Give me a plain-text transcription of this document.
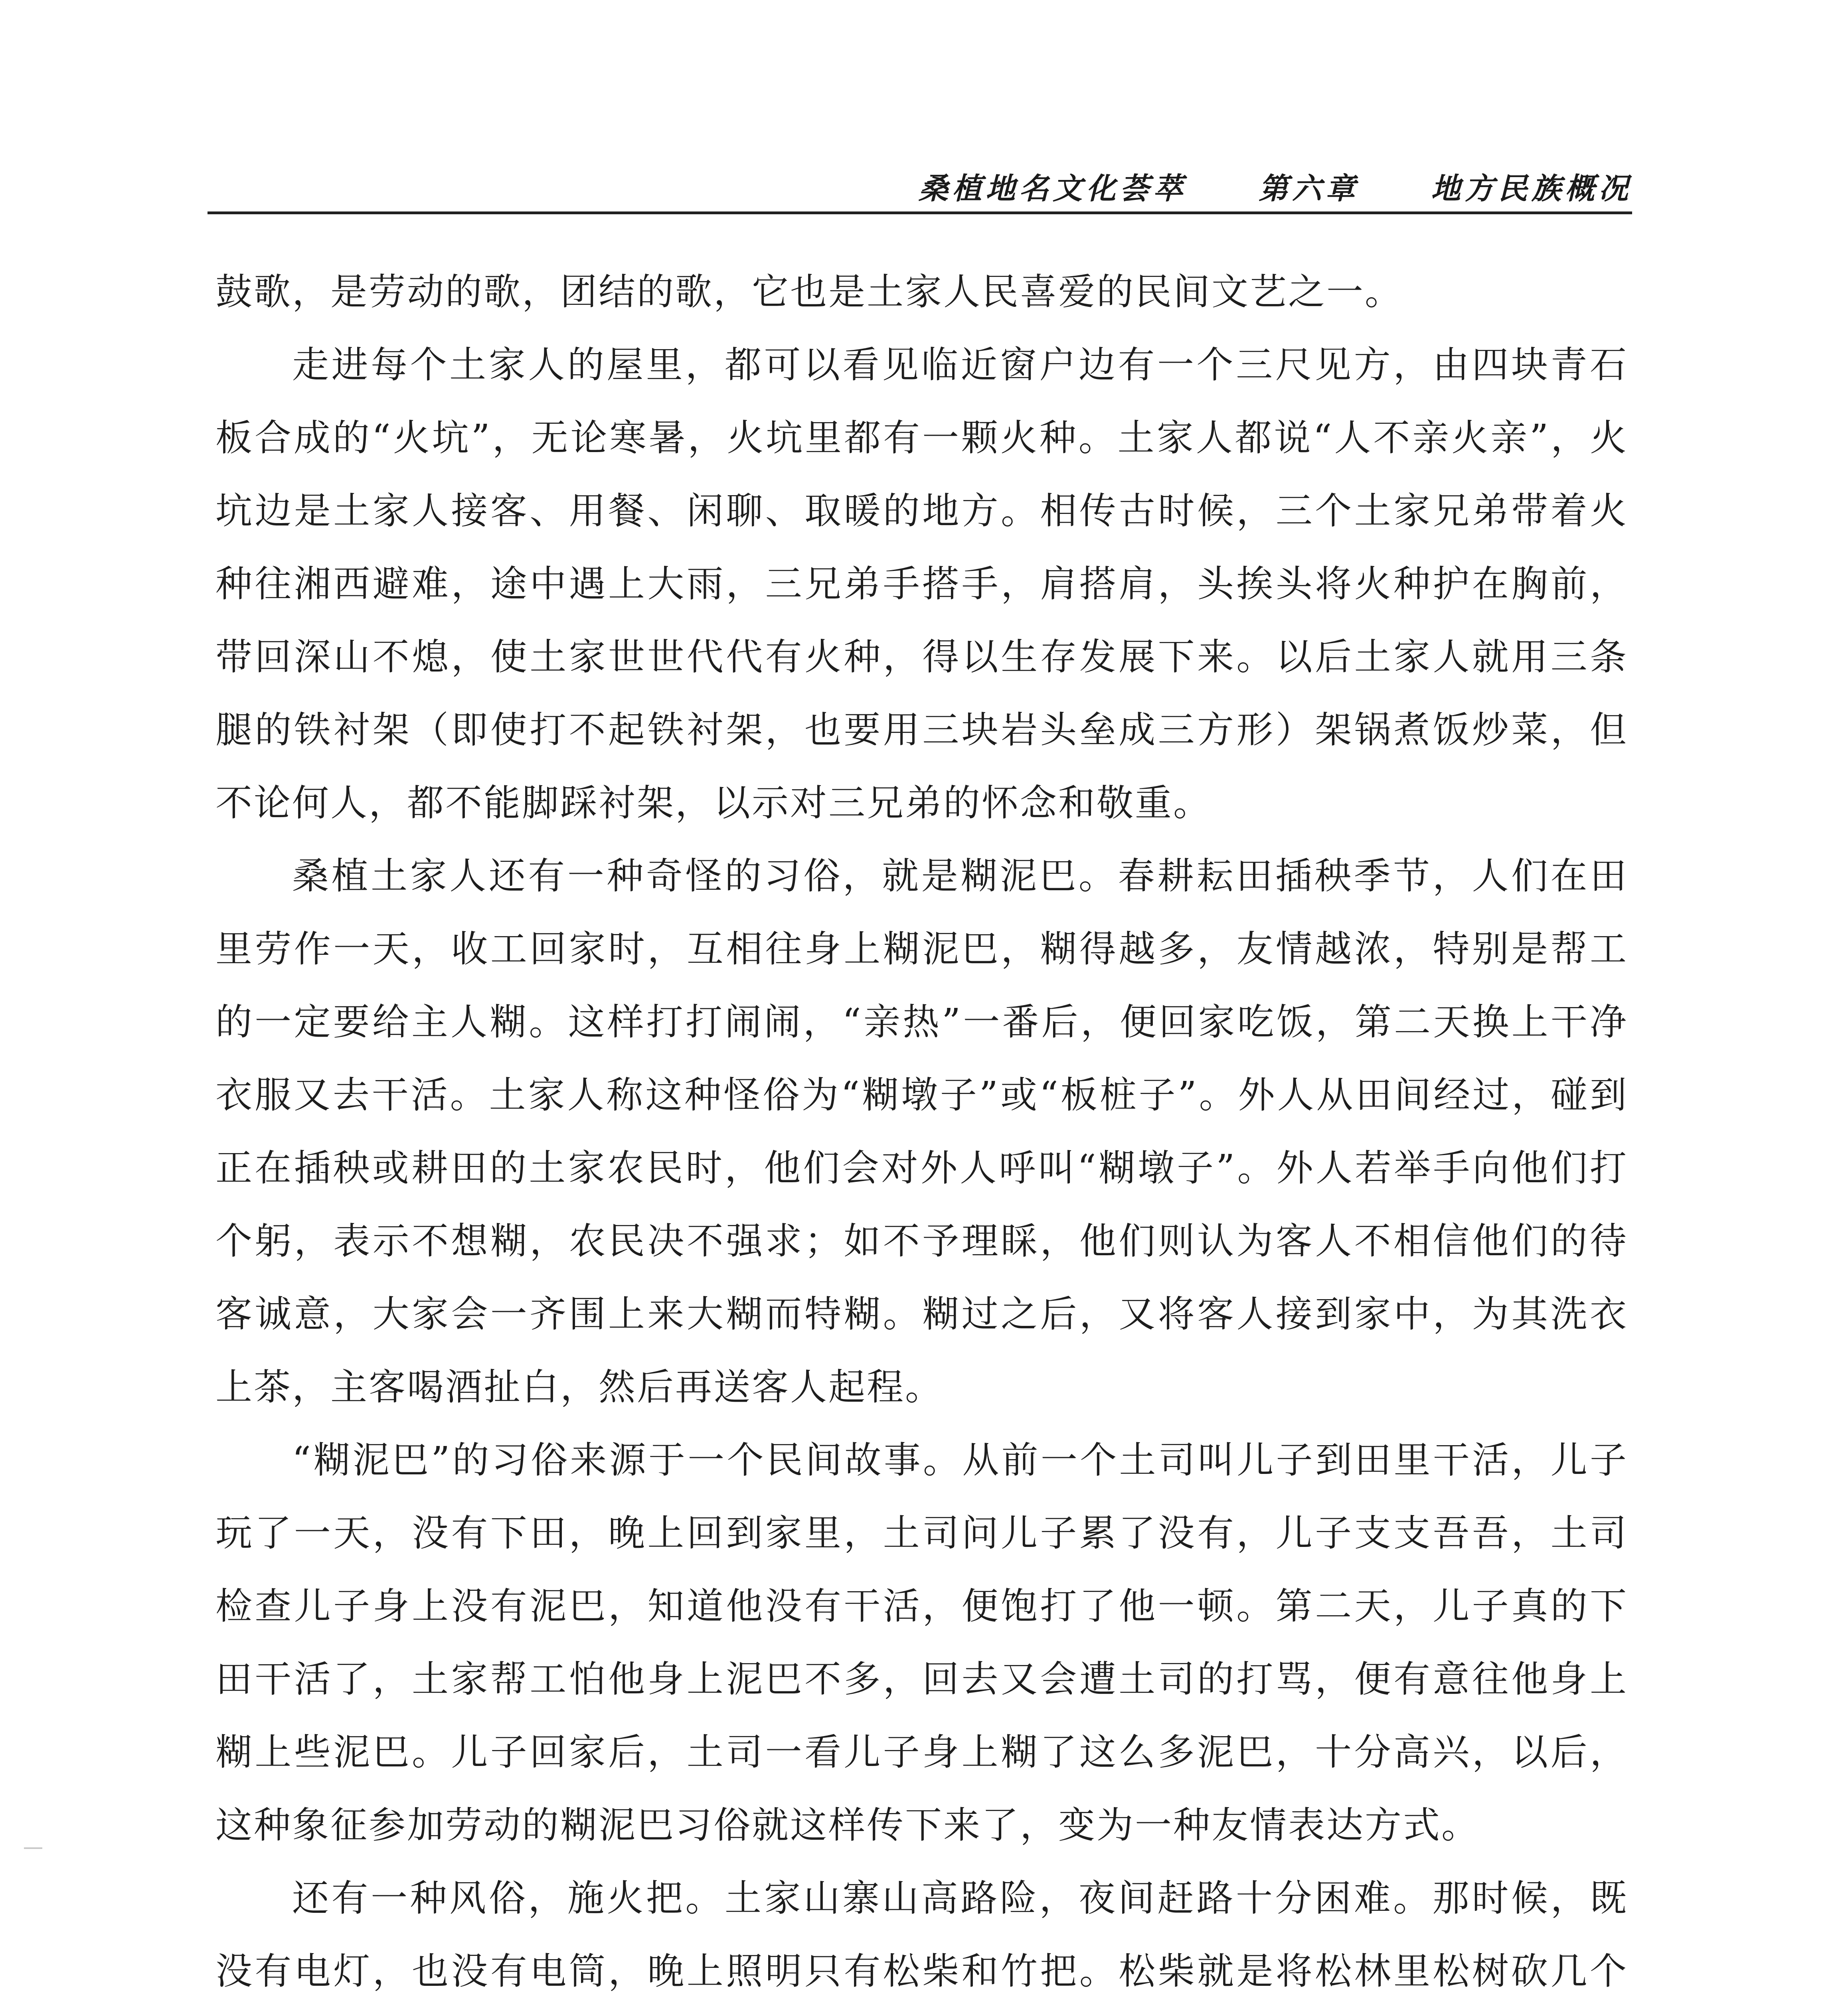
桑植地名文化荟萃 第六章 地方民族概况

鼓歌，是劳动的歌，团结的歌，它也是土家人民喜爱的民间文艺之一。

走进每个土家人的屋里，都可以看见临近窗户边有一个三尺见方，由四块青石板合成的“火坑”，无论寒暑，火坑里都有一颗火种。土家人都说“人不亲火亲”，火坑边是土家人接客、用餐、闲聊、取暖的地方。相传古时候，三个土家兄弟带着火种往湘西避难，途中遇上大雨，三兄弟手搭手，肩搭肩，头挨头将火种护在胸前，带回深山不熄，使土家世世代代有火种，得以生存发展下来。以后土家人就用三条腿的铁衬架（即使打不起铁衬架，也要用三块岩头垒成三方形）架锅煮饭炒菜，但不论何人，都不能脚踩衬架，以示对三兄弟的怀念和敬重。

桑植土家人还有一种奇怪的习俗，就是糊泥巴。春耕耘田插秧季节，人们在田里劳作一天，收工回家时，互相往身上糊泥巴，糊得越多，友情越浓，特别是帮工的一定要给主人糊。这样打打闹闹，“亲热”一番后，便回家吃饭，第二天换上干净衣服又去干活。土家人称这种怪俗为“糊墩子”或“板桩子”。外人从田间经过，碰到正在插秧或耕田的土家农民时，他们会对外人呼叫“糊墩子”。外人若举手向他们打个躬，表示不想糊，农民决不强求；如不予理睬，他们则认为客人不相信他们的待客诚意，大家会一齐围上来大糊而特糊。糊过之后，又将客人接到家中，为其洗衣上茶，主客喝酒扯白，然后再送客人起程。

“糊泥巴”的习俗来源于一个民间故事。从前一个土司叫儿子到田里干活，儿子玩了一天，没有下田，晚上回到家里，土司问儿子累了没有，儿子支支吾吾，土司检查儿子身上没有泥巴，知道他没有干活，便饱打了他一顿。第二天，儿子真的下田干活了，土家帮工怕他身上泥巴不多，回去又会遭土司的打骂，便有意往他身上糊上些泥巴。儿子回家后，土司一看儿子身上糊了这么多泥巴，十分高兴，以后，这种象征参加劳动的糊泥巴习俗就这样传下来了，变为一种友情表达方式。

还有一种风俗，施火把。土家山寨山高路险，夜间赶路十分困难。那时候，既没有电灯，也没有电筒，晚上照明只有松柴和竹把。松柴就是将松林里松树砍几个
